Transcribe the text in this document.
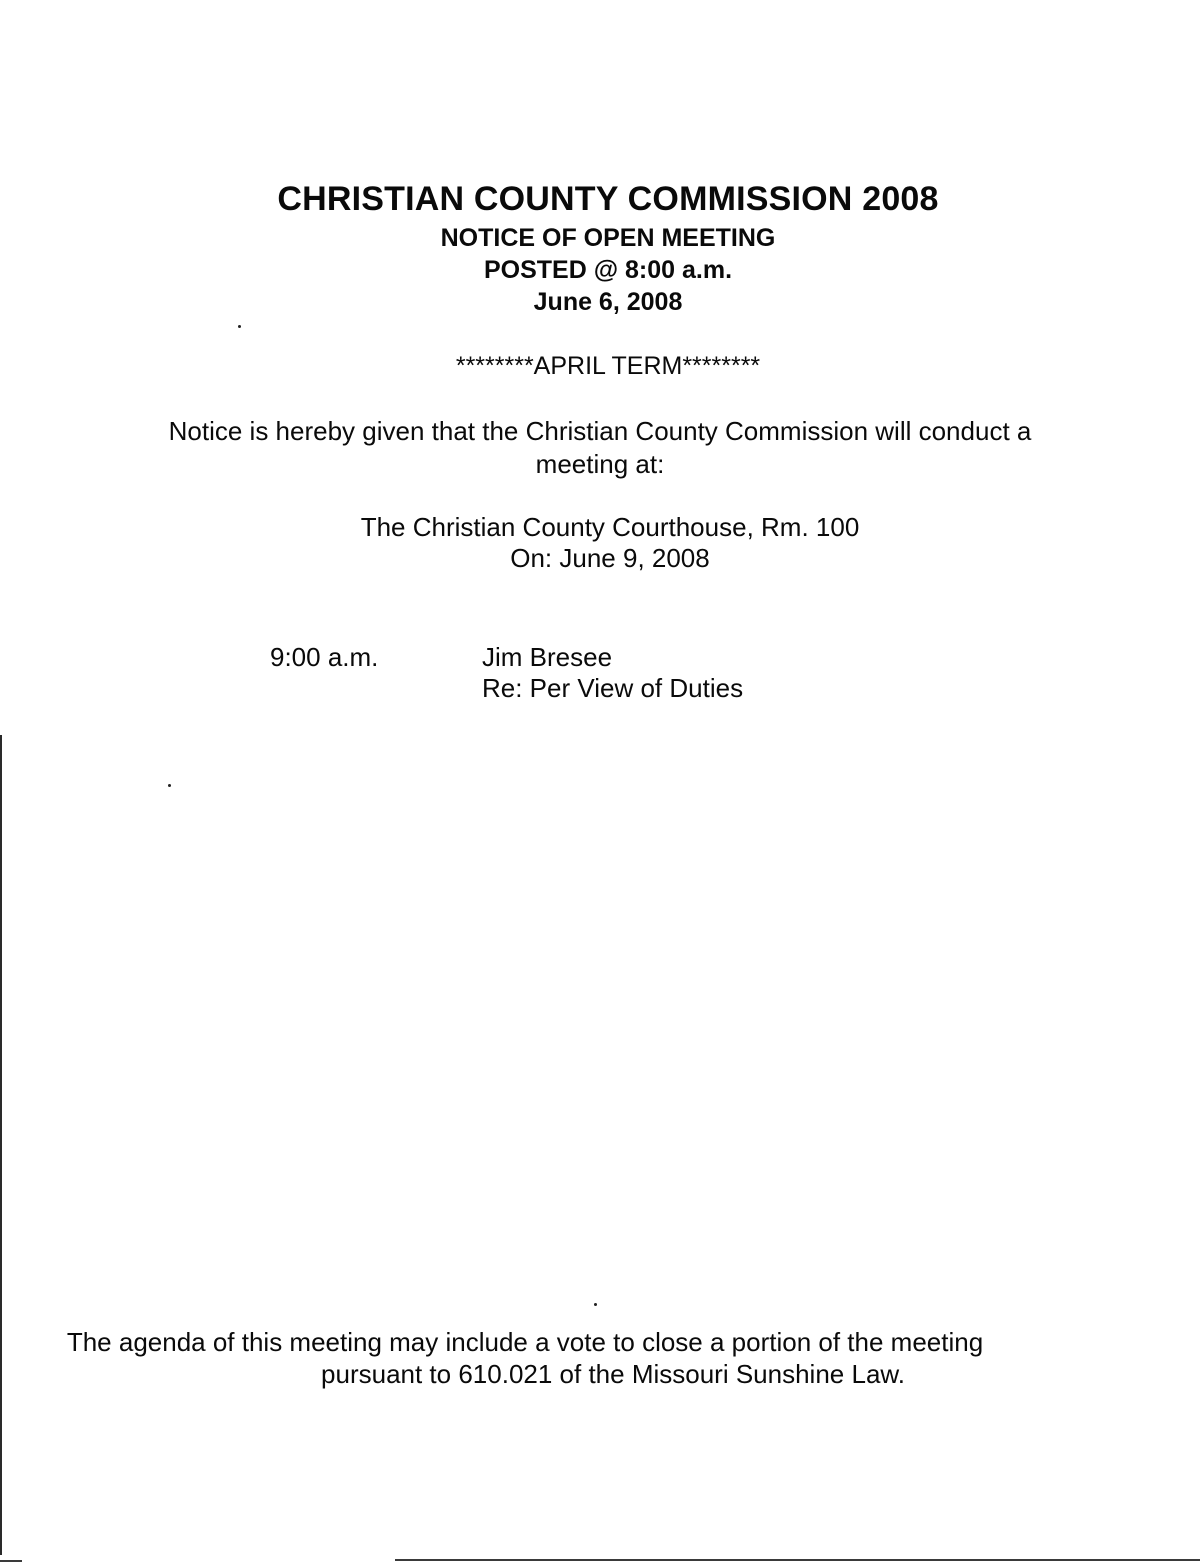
CHRISTIAN COUNTY COMMISSION 2008
NOTICE OF OPEN MEETING
POSTED @ 8:00 a.m.
June 6, 2008
********APRIL TERM********
Notice is hereby given that the Christian County Commission will conduct a
meeting at:
The Christian County Courthouse, Rm. 100
On: June 9, 2008
9:00 a.m.	Jim Bresee
Re: Per View of Duties
The agenda of this meeting may include a vote to close a portion of the meeting
pursuant to 610.021 of the Missouri Sunshine Law.
